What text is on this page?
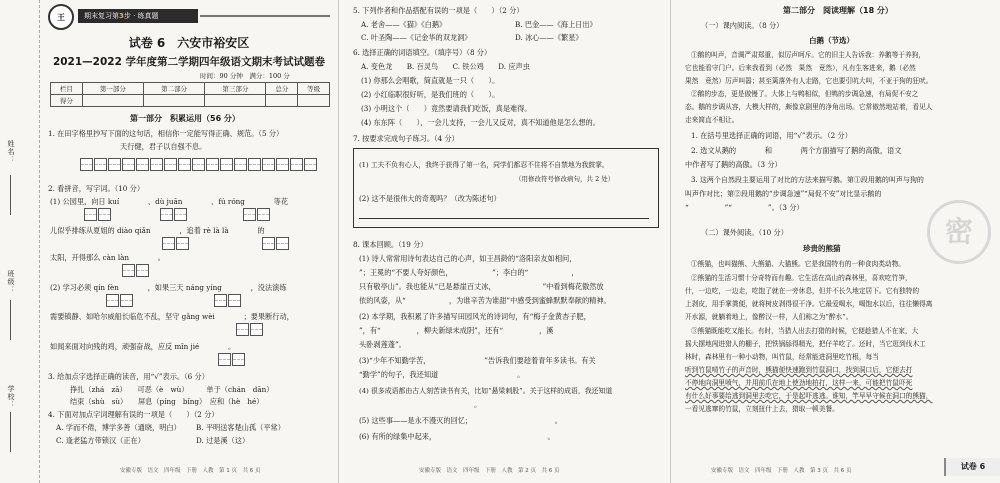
姓名：
班级：
学校：
王	期末复习第3步 · 练真题
试卷 6　六安市裕安区
2021—2022 学年度第二学期四年级语文期末考试试题卷
时间：90 分钟　满分：100 分
栏目	第一部分	第二部分	第三部分	总分	等级
得分					
第一部分　积累运用（56 分）
1. 在田字格里抄写下面的这句话，相信你一定能写得正确、规范。（5 分）
天行健，君子以自强不息。
2. 看拼音，写字词。（10 分）
(1) 公园里，向日 kuí　　　　、dù juān　　　　、fú róng　　　　等花
儿似乎排练从夏姐的 diào qiǎn　　　　，追着 rè là là　　　　的
太阳，开得那么 càn làn　　　　。
(2) 学习必须 qín fèn　　　　，如果三天 náng yíng　　　　，没法演练
需要镇静、如哈尔威船长临危不乱，坚守 gǎng wèi　　　　；要果断行动，
如闻来面对向残的鸡，顽强奋战，应反 mǐn jié　　　　。
3. 给加点字选择正确的读音，用“√”表示。（6 分）
挣扎（zhá　zā）　　可恶（è　wù）　　　单于（chán　dān）
结束（shù　sù）　　屏息（píng　bǐng）　应和（hè　hé）
4. 下面对加点字词理解有误的一项是（　　）（2 分）
A. 学而不倦，博学多善（通晓，明白） B. 平明送客楚山孤（平常）
C. 逢老猛方带锁汉（正在）	D. 过是溪（这）
安徽专版　语文　四年级　下册　人教　第 1 页　共 6 页
5. 下列作者和作品搭配有误的一项是（　　）（2 分）
A. 老舍——《猫》《白鹅》	B. 巴金——《海上日出》
C. 叶圣陶——《记金华的双龙洞》	D. 冰心——《繁星》
6. 选择正确的词语填空。（填序号）（8 分）
A. 变色龙　　B. 百灵鸟　　C. 铁公鸡　　D. 应声虫
(1) 你那么会唱歌，简直就是一只（　　）。
(2) 小红临职很好听，是我们班的（　　）。
(3) 小明这个（　　）竟然要请我们吃饭，真是难得。
(4) 东东阵（　　），一会儿支持，一会儿又反对，真不知道他是怎么想的。
7. 按要求完成句子练习。（4 分）
(1) 工夫不负有心人，我终于获得了第一名，同学们都忍不住将不自禁地为我鼓掌。
（用修改符号修改病句，共 2 处）
(2) 这不是很伟大的奇观吗？（改为陈述句）
8. 课本回顾。（19 分）
(1) 诗人常常用诗句表达自己的心声，如王昌龄的“洛阳亲友如相问，
”；王冕的“不要人夸好颜色，　　　　　　”；李白的“　　　　　　，
只有敬亭山”。我也能从“已是悬崖百丈冰，　　　　　　　”中看到梅花傲然放
依的风姿，从“　　　　　　，为谁辛苦为谁甜”中感受到蜜蜂默默奉献的精神。
(2) 本学期，我积累了许多描写田园风光的诗词句，有“梅子金黄杏子肥，
”，有“　　　　　，柳夫新绿未成阴”，还有“　　　　　，溪
头卧剥莲蓬”。
(3)“少年不知勤学苦，　　　　　　　　”告诉我们要趁着青年多读书。有关
“勤学”的句子，我还知道　　　　　　　　　　　。
(4) 很多成语都由古人刻苦读书有关，比如“悬梁刺股”。关于这样的成语，我还知道
　　　　　　　　　　　　　　　　。
(5) 这些事——是永不漫灭的回忆；　　　　　　　　　　　　。
(6) 有所的绿集中起来，　　　　　　　　　　　　　　　　。
安徽专版　语文　四年级　下册　人教　第 2 页　共 6 页
第二部分　阅读理解（18 分）
（一）课内阅读。（8 分）
白鹅（节选）
①鹅的叫声，音调严肃郑重，似厉声呵斥。它的旧主人告诉我：养鹅等于养狗，
它也能看守门户。后来我看到（必然　果然　竟然），凡有生客进来，鹅（必然
果然　竟然）厉声叫嚣；甚至篱落外有人走路，它也要引吭大叫，不亚于狗的狂吠。
②鹅的步态，更是傲慢了。大体上与鸭相似，但鸭的步调急速，有局促不安之
态。鹅的步调从容，大模大样的，颇像京剧里的净角出场。它常傲然地站着，看见人
走来简直不相让。
1. 在括号里选择正确的词语，用“√”表示。（2 分）
2. 选文从鹅的　　　　和　　　　两个方面描写了鹅的高傲，语文
中作者写了鹅的高傲。（3 分）
3. 这两个自然段主要运用了对比的方法来描写鹅。第①段用鹅的叫声与狗的
叫声作对比；第②段用鹅的“步调急速”“局促不安”对比显示鹅的
“　　　　　”“　　　　　”。（3 分）
密
（二）课外阅读。（10 分）
珍贵的熊猫
①熊猫，也叫猫熊、大熊猫、大猫熊。它是我国特有的一种食肉类动物。
②熊猫的生活习惯十分奇特而有趣。它生活在高山的森林里，喜欢吃竹笋，
什，一边吃，一边走，吃饱了就在一旁休息，但并不长久地定居下。它有独特的
上剥皮，用手掌粪便，就将树皮剥得很干净。它最爱喝水，喝饱水以后，往往懒得离
开水源，就躺着地上，像醉汉一样，人们称之为“醉水”。
③熊猫既能吃又能长。有时，当猎人出去打猎的时候，它便趁猎人不在家，大
摇大摆地闯进猎人的棚子，把铁锅舔得精光，把仔羊吃了。还时，当它逛到伐木工
林时，森林里有一种小动物，叫竹鼠，经常能进洞里吃竹根，每当
听到竹鼠啃竹子的声音时，熊猫便快速跑到竹鼠洞口，找到洞口后，它便去打
不停地向洞里喷气，并用前爪在地上使劲地拍打，这样一来，可能把竹鼠吓死
有什么好事要给逃到洞里去吃它，于是起吓逃逃。谁知，竿早早守候在洞口的熊猫，
一看见逃窜的竹鼠，立刻扭什上去，猎取一顿美餐。
安徽专版　语文　四年级　下册　人教　第 3 页　共 6 页	试卷 6
